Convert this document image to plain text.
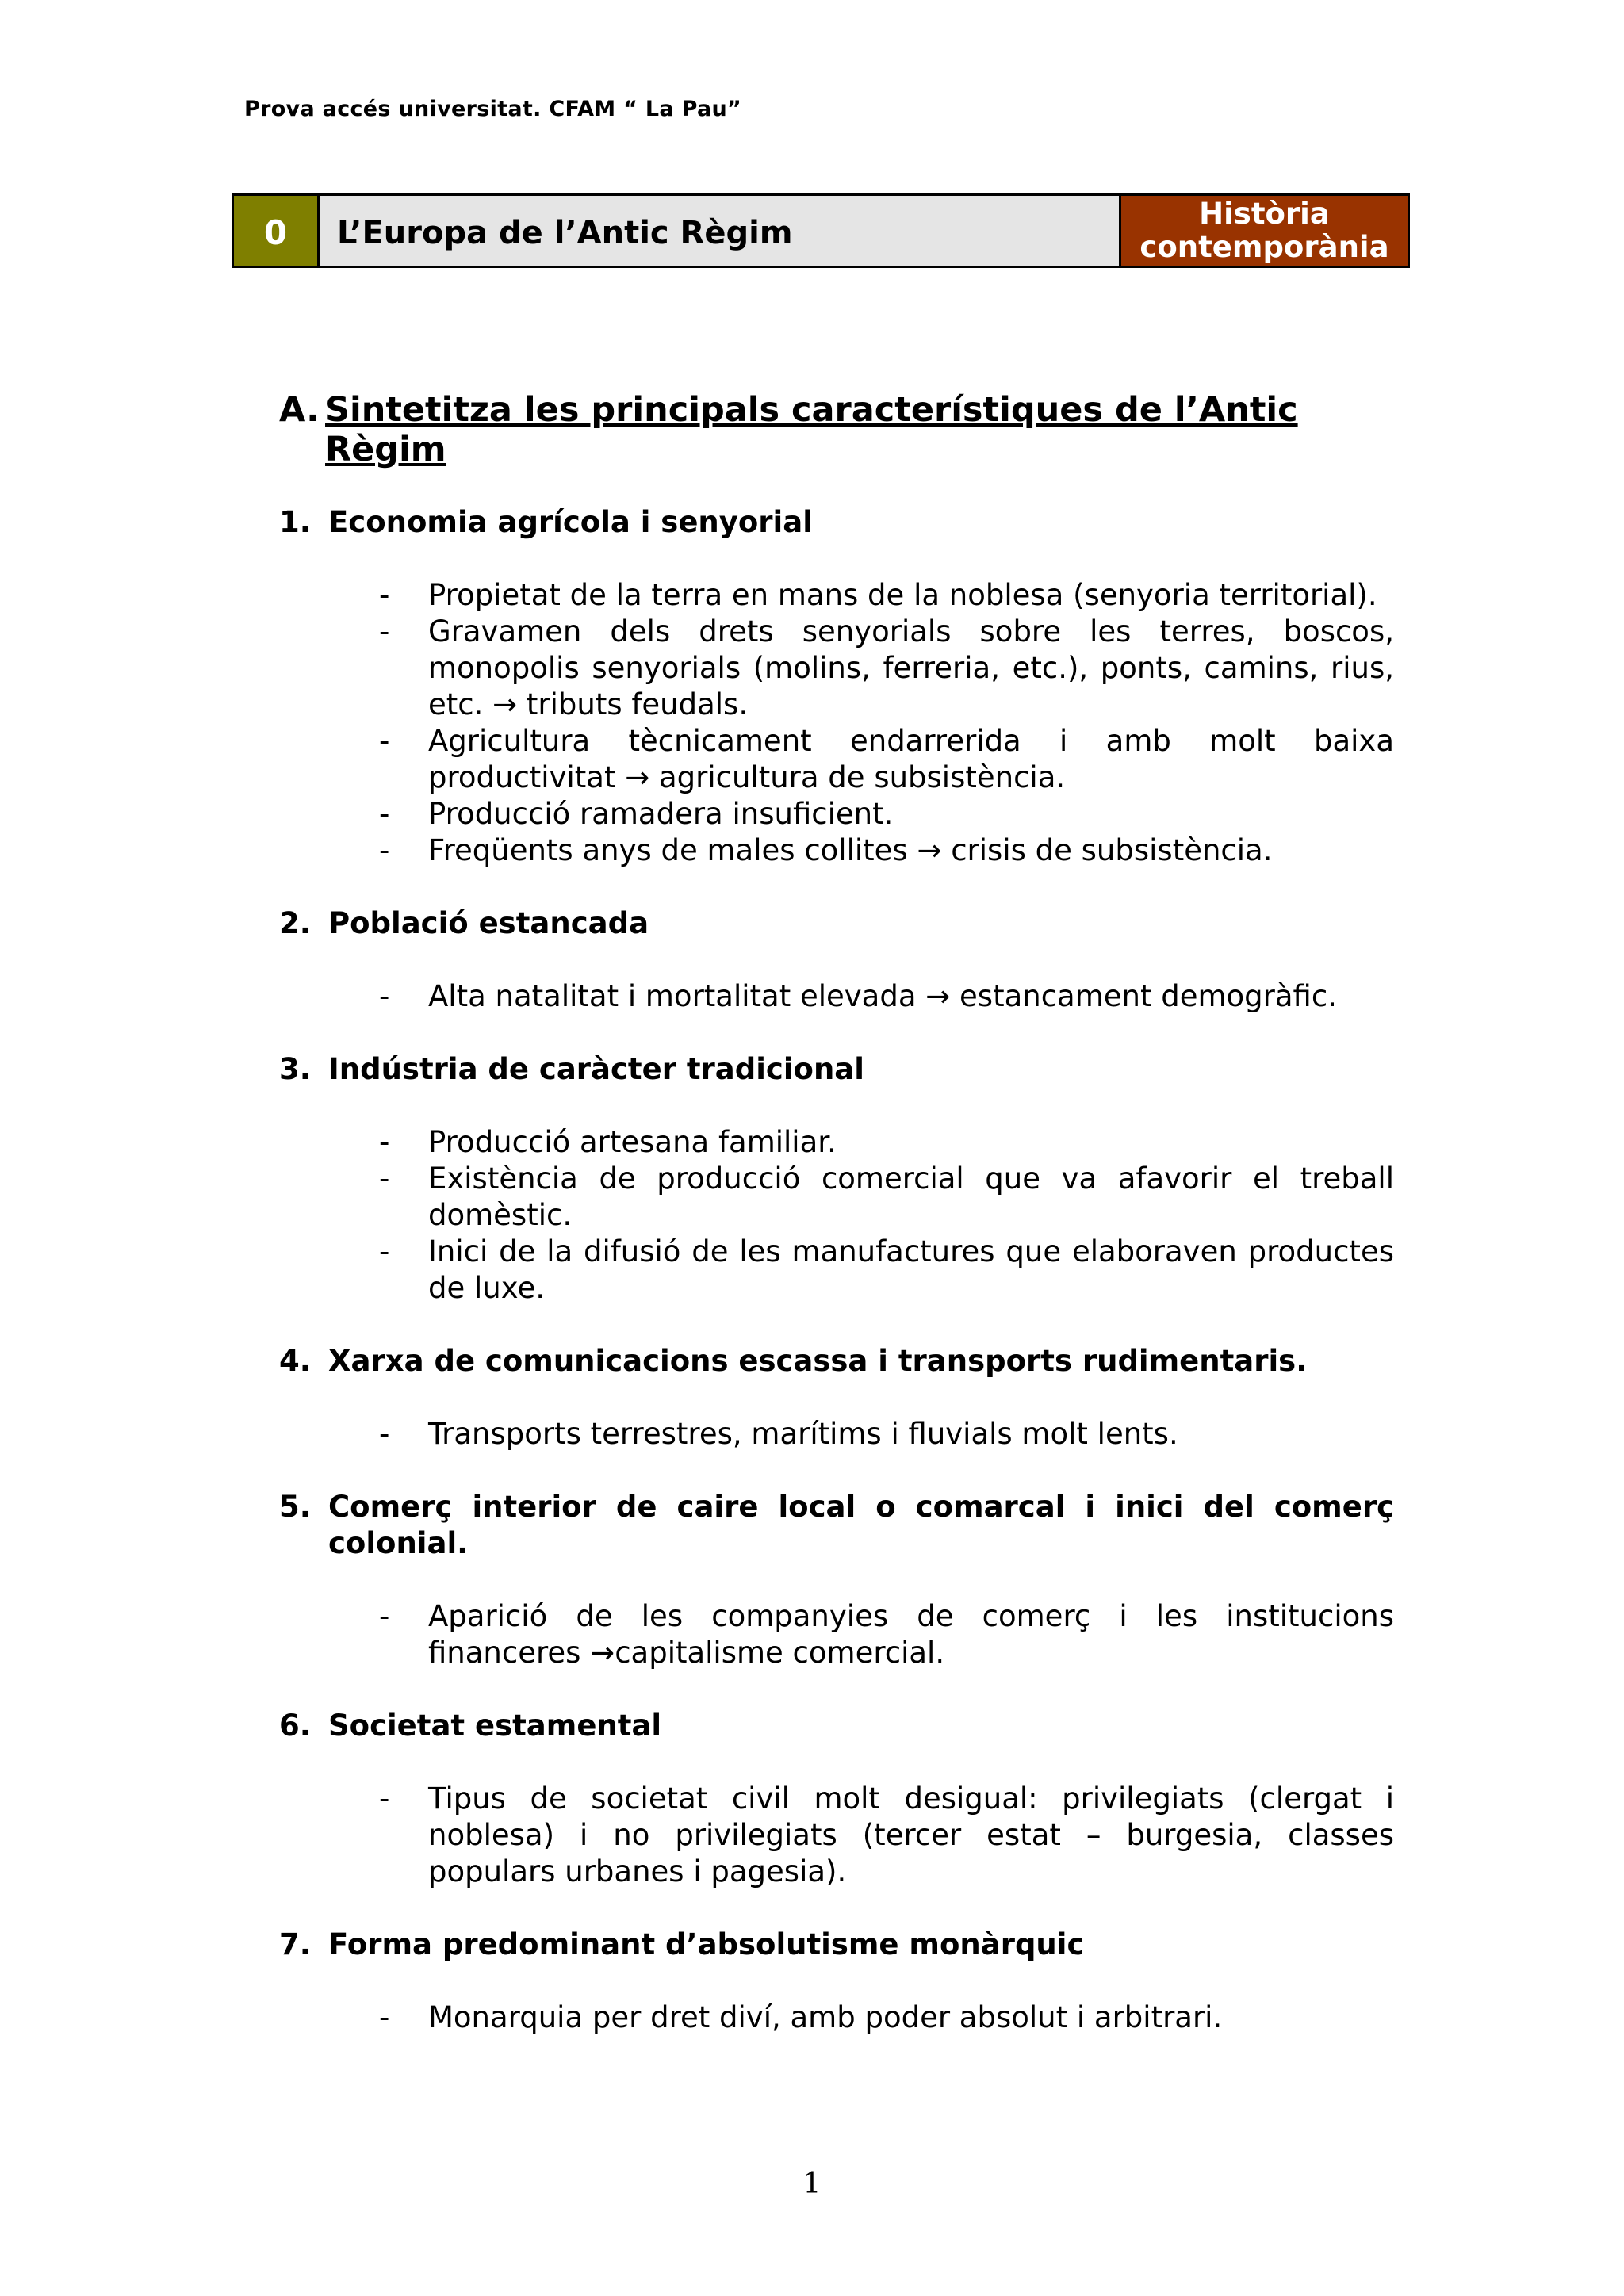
Prova accés universitat. CFAM “ La Pau”
0	L’Europa de l’Antic Règim
Història
contemporània
A. Sintetitza les principals característiques de l’Antic Règim
1. Economia agrícola i senyorial
- Propietat de la terra en mans de la noblesa (senyoria territorial).
- Gravamen dels drets senyorials sobre les terres, boscos, monopolis senyorials (molins, ferreria, etc.), ponts, camins, rius, etc. → tributs feudals.
- Agricultura tècnicament endarrerida i amb molt baixa productivitat → agricultura de subsistència.
- Producció ramadera insuficient.
- Freqüents anys de males collites → crisis de subsistència.
2. Població estancada
- Alta natalitat i mortalitat elevada → estancament demogràfic.
3. Indústria de caràcter tradicional
- Producció artesana familiar.
- Existència de producció comercial que va afavorir el treball domèstic.
- Inici de la difusió de les manufactures que elaboraven productes de luxe.
4. Xarxa de comunicacions escassa i transports rudimentaris.
- Transports terrestres, marítims i fluvials molt lents.
5. Comerç interior de caire local o comarcal i inici del comerç colonial.
- Aparició de les companyies de comerç i les institucions financeres →capitalisme comercial.
6. Societat estamental
- Tipus de societat civil molt desigual: privilegiats (clergat i noblesa) i no privilegiats (tercer estat – burgesia, classes populars urbanes i pagesia).
7. Forma predominant d’absolutisme monàrquic
- Monarquia per dret diví, amb poder absolut i arbitrari.
1
